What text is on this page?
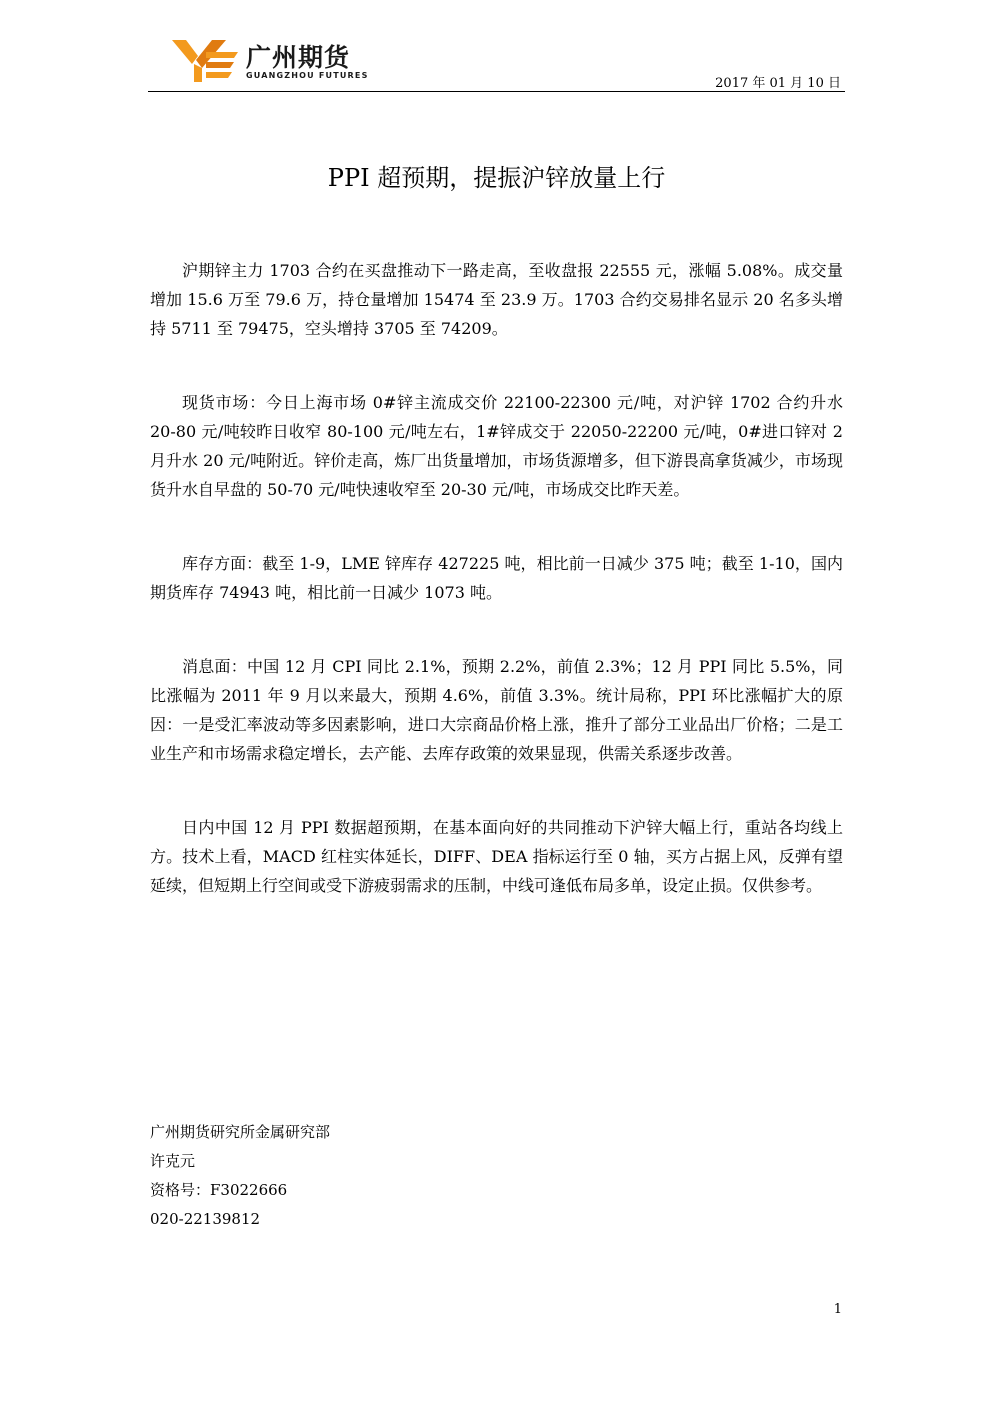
广州期货
GUANGZHOU FUTURES
2017 年 01 月 10 日
PPI 超预期，提振沪锌放量上行

沪期锌主力 1703 合约在买盘推动下一路走高，至收盘报 22555 元，涨幅 5.08%。成交量增加 15.6 万至 79.6 万，持仓量增加 15474 至 23.9 万。1703 合约交易排名显示 20 名多头增持 5711 至 79475，空头增持 3705 至 74209。

现货市场：今日上海市场 0#锌主流成交价 22100-22300 元/吨，对沪锌 1702 合约升水 20-80 元/吨较昨日收窄 80-100 元/吨左右，1#锌成交于 22050-22200 元/吨，0#进口锌对 2 月升水 20 元/吨附近。锌价走高，炼厂出货量增加，市场货源增多，但下游畏高拿货减少，市场现货升水自早盘的 50-70 元/吨快速收窄至 20-30 元/吨，市场成交比昨天差。

库存方面：截至 1-9，LME 锌库存 427225 吨，相比前一日减少 375 吨；截至 1-10，国内期货库存 74943 吨，相比前一日减少 1073 吨。

消息面：中国 12 月 CPI 同比 2.1%，预期 2.2%，前值 2.3%；12 月 PPI 同比 5.5%，同比涨幅为 2011 年 9 月以来最大，预期 4.6%，前值 3.3%。统计局称，PPI 环比涨幅扩大的原因：一是受汇率波动等多因素影响，进口大宗商品价格上涨，推升了部分工业品出厂价格；二是工业生产和市场需求稳定增长，去产能、去库存政策的效果显现，供需关系逐步改善。

日内中国 12 月 PPI 数据超预期，在基本面向好的共同推动下沪锌大幅上行，重站各均线上方。技术上看，MACD 红柱实体延长，DIFF、DEA 指标运行至 0 轴，买方占据上风，反弹有望延续，但短期上行空间或受下游疲弱需求的压制，中线可逢低布局多单，设定止损。仅供参考。

广州期货研究所金属研究部
许克元
资格号：F3022666
020-22139812
1
